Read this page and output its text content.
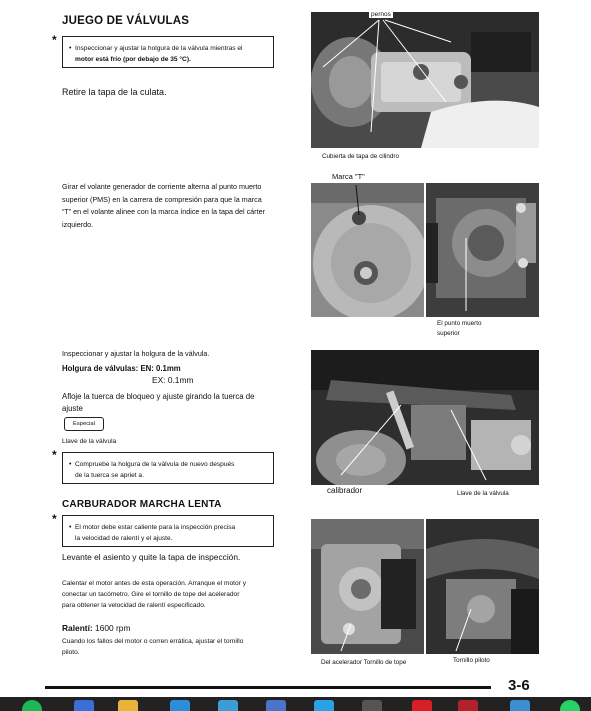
JUEGO DE VÁLVULAS
*
• Inspeccionar y ajustar la holgura de la válvula mientras el
motor está frío (por debajo de 35 °C).
Retire la tapa de la culata.
pernos
Cubierta de tapa de cilindro
Girar el volante generador de corriente alterna al punto muerto
superior (PMS) en la carrera de compresión para que la marca
“T” en el volante alinee con la marca índice en la tapa del cárter
izquierdo.
Marca "T"
El punto muerto
superior
Inspeccionar y ajustar la holgura de la válvula.
Holgura de válvulas: EN: 0.1mm
EX: 0.1mm
Afloje la tuerca de bloqueo y ajuste girando la tuerca de
ajuste
Especial
Llave de la válvula
*
• Compruebe la holgura de la válvula de nuevo después
de la tuerca se apriet a.
calibrador	Llave de la válvula
CARBURADOR MARCHA LENTA
*
• El motor debe estar caliente para la inspección precisa
la velocidad de ralentí y el ajuste.
Levante el asiento y quite la tapa de inspección.
Calentar el motor antes de esta operación. Arranque el motor y
conectar un tacómetro. Gire el tornillo de tope del acelerador
para obtener la velocidad de ralentí especificado.
Ralentí: 1600 rpm
Cuando los fallos del motor o corren errática, ajustar el tornillo
piloto.
Del acelerador Tornillo de tope	Tornillo piloto
3-6
